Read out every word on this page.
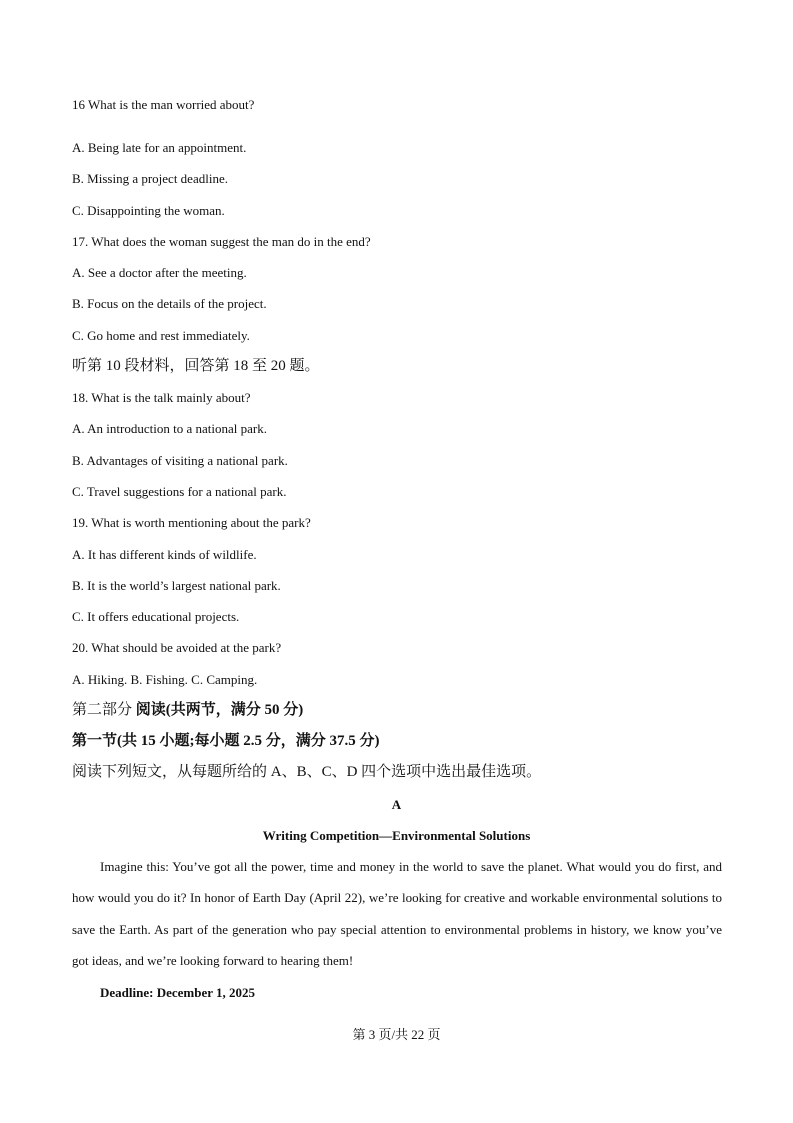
16 What is the man worried about?
A. Being late for an appointment.
B. Missing a project deadline.
C. Disappointing the woman.
17. What does the woman suggest the man do in the end?
A. See a doctor after the meeting.
B. Focus on the details of the project.
C. Go home and rest immediately.
听第 10 段材料，回答第 18 至 20 题。
18. What is the talk mainly about?
A. An introduction to a national park.
B. Advantages of visiting a national park.
C. Travel suggestions for a national park.
19. What is worth mentioning about the park?
A. It has different kinds of wildlife.
B. It is the world’s largest national park.
C. It offers educational projects.
20. What should be avoided at the park?
A. Hiking. B. Fishing. C. Camping.
第二部分 阅读(共两节，满分 50 分)
第一节(共 15 小题;每小题 2.5 分，满分 37.5 分)
阅读下列短文，从每题所给的 A、B、C、D 四个选项中选出最佳选项。
A
Writing Competition—Environmental Solutions
Imagine this: You’ve got all the power, time and money in the world to save the planet. What would you do first, and how would you do it? In honor of Earth Day (April 22), we’re looking for creative and workable environmental solutions to save the Earth. As part of the generation who pay special attention to environmental problems in history, we know you’ve got ideas, and we’re looking forward to hearing them!
Deadline: December 1, 2025
第 3 页/共 22 页
